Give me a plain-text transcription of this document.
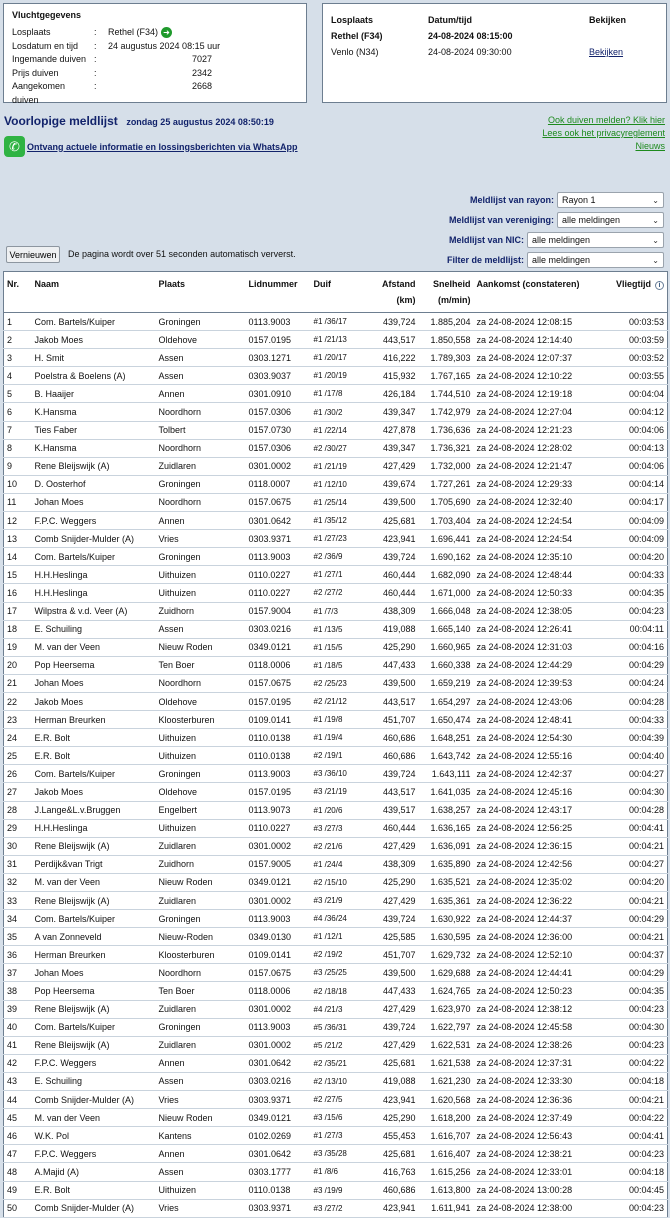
Vluchtgegevens
Losplaats	:	Rethel (F34) ➜
Losdatum en tijd	:	24 augustus 2024 08:15 uur
Ingemande duiven :	7027
Prijs duiven	:	2342
Aangekomen duiven
:	2668
Losplaats	Datum/tijd	Bekijken
Rethel (F34)	24-08-2024 08:15:00
Venlo (N34)	24-08-2024 09:30:00	Bekijken
Voorlopige meldlijst zondag 25 augustus 2024 08:50:19	Ook duiven melden? Klik hier
Lees ook het privacyreglement
Nieuws
✆ Ontvang actuele informatie en lossingsberichten via WhatsApp
Meldlijst van rayon: Rayon 1	⌄
Meldlijst van vereniging: alle meldingen	⌄
Meldlijst van NIC: alle meldingen	⌄
Filter de meldlijst: alle meldingen	⌄
Vernieuwen	De pagina wordt over 51 seconden automatisch ververst.
Nr.	Naam	Plaats	Lidnummer	Duif	Afstand
(km)	Snelheid
(m/min)	Aankomst (constateren)	Vliegtijd i
1	Com. Bartels/Kuiper	Groningen	0113.9003	#1 /36/17	439,724	1.885,204	za 24-08-2024 12:08:15	00:03:53
2	Jakob Moes	Oldehove	0157.0195	#1 /21/13	443,517	1.850,558	za 24-08-2024 12:14:40	00:03:59
3	H. Smit	Assen	0303.1271	#1 /20/17	416,222	1.789,303	za 24-08-2024 12:07:37	00:03:52
4	Poelstra & Boelens (A)	Assen	0303.9037	#1 /20/19	415,932	1.767,165	za 24-08-2024 12:10:22	00:03:55
5	B. Haaijer	Annen	0301.0910	#1 /17/8	426,184	1.744,510	za 24-08-2024 12:19:18	00:04:04
6	K.Hansma	Noordhorn	0157.0306	#1 /30/2	439,347	1.742,979	za 24-08-2024 12:27:04	00:04:12
7	Ties Faber	Tolbert	0157.0730	#1 /22/14	427,878	1.736,636	za 24-08-2024 12:21:23	00:04:06
8	K.Hansma	Noordhorn	0157.0306	#2 /30/27	439,347	1.736,321	za 24-08-2024 12:28:02	00:04:13
9	Rene Bleijswijk (A)	Zuidlaren	0301.0002	#1 /21/19	427,429	1.732,000	za 24-08-2024 12:21:47	00:04:06
10	D. Oosterhof	Groningen	0118.0007	#1 /12/10	439,674	1.727,261	za 24-08-2024 12:29:33	00:04:14
11	Johan Moes	Noordhorn	0157.0675	#1 /25/14	439,500	1.705,690	za 24-08-2024 12:32:40	00:04:17
12	F.P.C. Weggers	Annen	0301.0642	#1 /35/12	425,681	1.703,404	za 24-08-2024 12:24:54	00:04:09
13	Comb Snijder-Mulder (A)	Vries	0303.9371	#1 /27/23	423,941	1.696,441	za 24-08-2024 12:24:54	00:04:09
14	Com. Bartels/Kuiper	Groningen	0113.9003	#2 /36/9	439,724	1.690,162	za 24-08-2024 12:35:10	00:04:20
15	H.H.Heslinga	Uithuizen	0110.0227	#1 /27/1	460,444	1.682,090	za 24-08-2024 12:48:44	00:04:33
16	H.H.Heslinga	Uithuizen	0110.0227	#2 /27/2	460,444	1.671,000	za 24-08-2024 12:50:33	00:04:35
17	Wilpstra & v.d. Veer (A)	Zuidhorn	0157.9004	#1 /7/3	438,309	1.666,048	za 24-08-2024 12:38:05	00:04:23
18	E. Schuiling	Assen	0303.0216	#1 /13/5	419,088	1.665,140	za 24-08-2024 12:26:41	00:04:11
19	M. van der Veen	Nieuw Roden	0349.0121	#1 /15/5	425,290	1.660,965	za 24-08-2024 12:31:03	00:04:16
20	Pop Heersema	Ten Boer	0118.0006	#1 /18/5	447,433	1.660,338	za 24-08-2024 12:44:29	00:04:29
21	Johan Moes	Noordhorn	0157.0675	#2 /25/23	439,500	1.659,219	za 24-08-2024 12:39:53	00:04:24
22	Jakob Moes	Oldehove	0157.0195	#2 /21/12	443,517	1.654,297	za 24-08-2024 12:43:06	00:04:28
23	Herman Breurken	Kloosterburen	0109.0141	#1 /19/8	451,707	1.650,474	za 24-08-2024 12:48:41	00:04:33
24	E.R. Bolt	Uithuizen	0110.0138	#1 /19/4	460,686	1.648,251	za 24-08-2024 12:54:30	00:04:39
25	E.R. Bolt	Uithuizen	0110.0138	#2 /19/1	460,686	1.643,742	za 24-08-2024 12:55:16	00:04:40
26	Com. Bartels/Kuiper	Groningen	0113.9003	#3 /36/10	439,724	1.643,111	za 24-08-2024 12:42:37	00:04:27
27	Jakob Moes	Oldehove	0157.0195	#3 /21/19	443,517	1.641,035	za 24-08-2024 12:45:16	00:04:30
28	J.Lange&L.v.Bruggen	Engelbert	0113.9073	#1 /20/6	439,517	1.638,257	za 24-08-2024 12:43:17	00:04:28
29	H.H.Heslinga	Uithuizen	0110.0227	#3 /27/3	460,444	1.636,165	za 24-08-2024 12:56:25	00:04:41
30	Rene Bleijswijk (A)	Zuidlaren	0301.0002	#2 /21/6	427,429	1.636,091	za 24-08-2024 12:36:15	00:04:21
31	Perdijk&van Trigt	Zuidhorn	0157.9005	#1 /24/4	438,309	1.635,890	za 24-08-2024 12:42:56	00:04:27
32	M. van der Veen	Nieuw Roden	0349.0121	#2 /15/10	425,290	1.635,521	za 24-08-2024 12:35:02	00:04:20
33	Rene Bleijswijk (A)	Zuidlaren	0301.0002	#3 /21/9	427,429	1.635,361	za 24-08-2024 12:36:22	00:04:21
34	Com. Bartels/Kuiper	Groningen	0113.9003	#4 /36/24	439,724	1.630,922	za 24-08-2024 12:44:37	00:04:29
35	A van Zonneveld	Nieuw-Roden	0349.0130	#1 /12/1	425,585	1.630,595	za 24-08-2024 12:36:00	00:04:21
36	Herman Breurken	Kloosterburen	0109.0141	#2 /19/2	451,707	1.629,732	za 24-08-2024 12:52:10	00:04:37
37	Johan Moes	Noordhorn	0157.0675	#3 /25/25	439,500	1.629,688	za 24-08-2024 12:44:41	00:04:29
38	Pop Heersema	Ten Boer	0118.0006	#2 /18/18	447,433	1.624,765	za 24-08-2024 12:50:23	00:04:35
39	Rene Bleijswijk (A)	Zuidlaren	0301.0002	#4 /21/3	427,429	1.623,970	za 24-08-2024 12:38:12	00:04:23
40	Com. Bartels/Kuiper	Groningen	0113.9003	#5 /36/31	439,724	1.622,797	za 24-08-2024 12:45:58	00:04:30
41	Rene Bleijswijk (A)	Zuidlaren	0301.0002	#5 /21/2	427,429	1.622,531	za 24-08-2024 12:38:26	00:04:23
42	F.P.C. Weggers	Annen	0301.0642	#2 /35/21	425,681	1.621,538	za 24-08-2024 12:37:31	00:04:22
43	E. Schuiling	Assen	0303.0216	#2 /13/10	419,088	1.621,230	za 24-08-2024 12:33:30	00:04:18
44	Comb Snijder-Mulder (A)	Vries	0303.9371	#2 /27/5	423,941	1.620,568	za 24-08-2024 12:36:36	00:04:21
45	M. van der Veen	Nieuw Roden	0349.0121	#3 /15/6	425,290	1.618,200	za 24-08-2024 12:37:49	00:04:22
46	W.K. Pol	Kantens	0102.0269	#1 /27/3	455,453	1.616,707	za 24-08-2024 12:56:43	00:04:41
47	F.P.C. Weggers	Annen	0301.0642	#3 /35/28	425,681	1.616,407	za 24-08-2024 12:38:21	00:04:23
48	A.Majid (A)	Assen	0303.1777	#1 /8/6	416,763	1.615,256	za 24-08-2024 12:33:01	00:04:18
49	E.R. Bolt	Uithuizen	0110.0138	#3 /19/9	460,686	1.613,800	za 24-08-2024 13:00:28	00:04:45
50	Comb Snijder-Mulder (A)	Vries	0303.9371	#3 /27/2	423,941	1.611,941	za 24-08-2024 12:38:00	00:04:23
